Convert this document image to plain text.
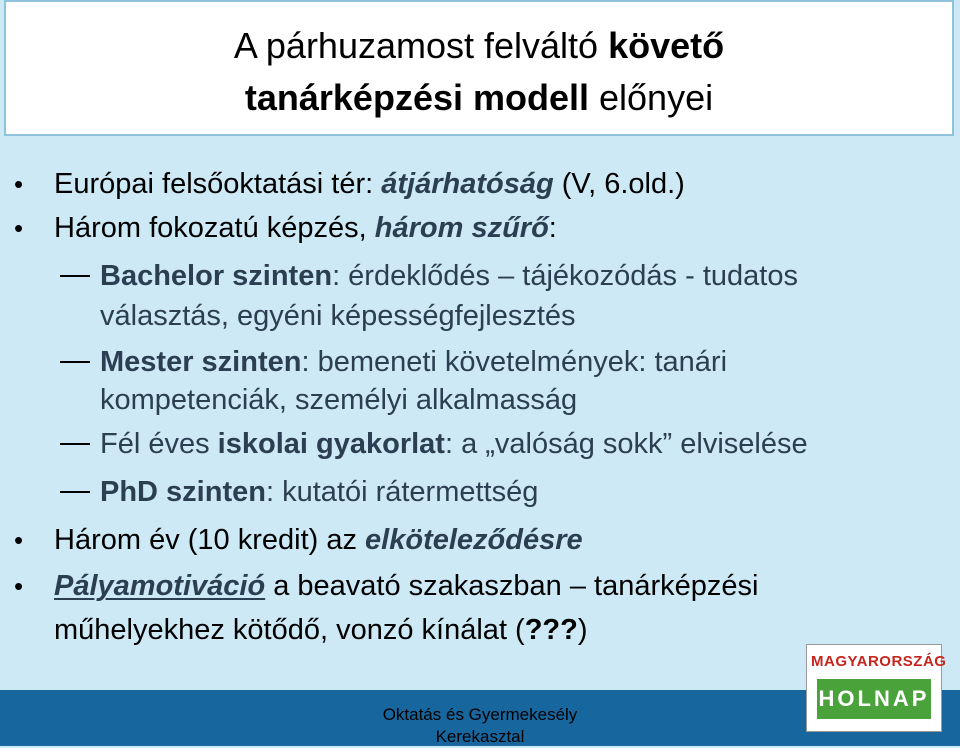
A párhuzamost felváltó követő
tanárképzési modell előnyei
• Európai felsőoktatási tér: átjárhatóság (V, 6.old.)
• Három fokozatú képzés, három szűrő:
Bachelor szinten: érdeklődés – tájékozódás - tudatos
választás, egyéni képességfejlesztés
Mester szinten: bemeneti követelmények: tanári
kompetenciák, személyi alkalmasság
Fél éves iskolai gyakorlat: a „valóság sokk” elviselése
PhD szinten: kutatói rátermettség
• Három év (10 kredit) az elköteleződésre
• Pályamotiváció a beavató szakaszban – tanárképzési
műhelyekhez kötődő, vonzó kínálat (???)
Oktatás és Gyermekesély
Kerekasztal
MAGYARORSZÁG
HOLNAP
